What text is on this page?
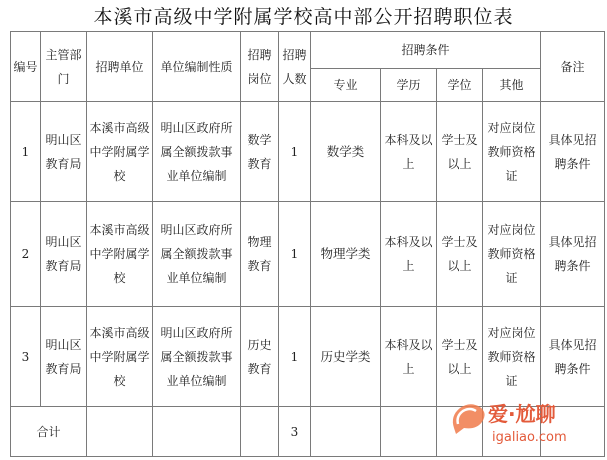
本溪市高级中学附属学校高中部公开招聘职位表
编号	主管部门	招聘单位	单位编制性质	招聘岗位	招聘人数	招聘条件				备注
						专业	学历	学位	其他	
1	明山区教育局	本溪市高级中学附属学校	明山区政府所属全额拨款事业单位编制	数学教育	1	数学类	本科及以上	学士及以上	对应岗位教师资格证	具体见招聘条件
2	明山区教育局	本溪市高级中学附属学校	明山区政府所属全额拨款事业单位编制	物理教育	1	物理学类	本科及以上	学士及以上	对应岗位教师资格证	具体见招聘条件
3	明山区教育局	本溪市高级中学附属学校	明山区政府所属全额拨款事业单位编制	历史教育	1	历史学类	本科及以上	学士及以上	对应岗位教师资格证	具体见招聘条件
合计					3					
爱·尬聊
igaliao.com
